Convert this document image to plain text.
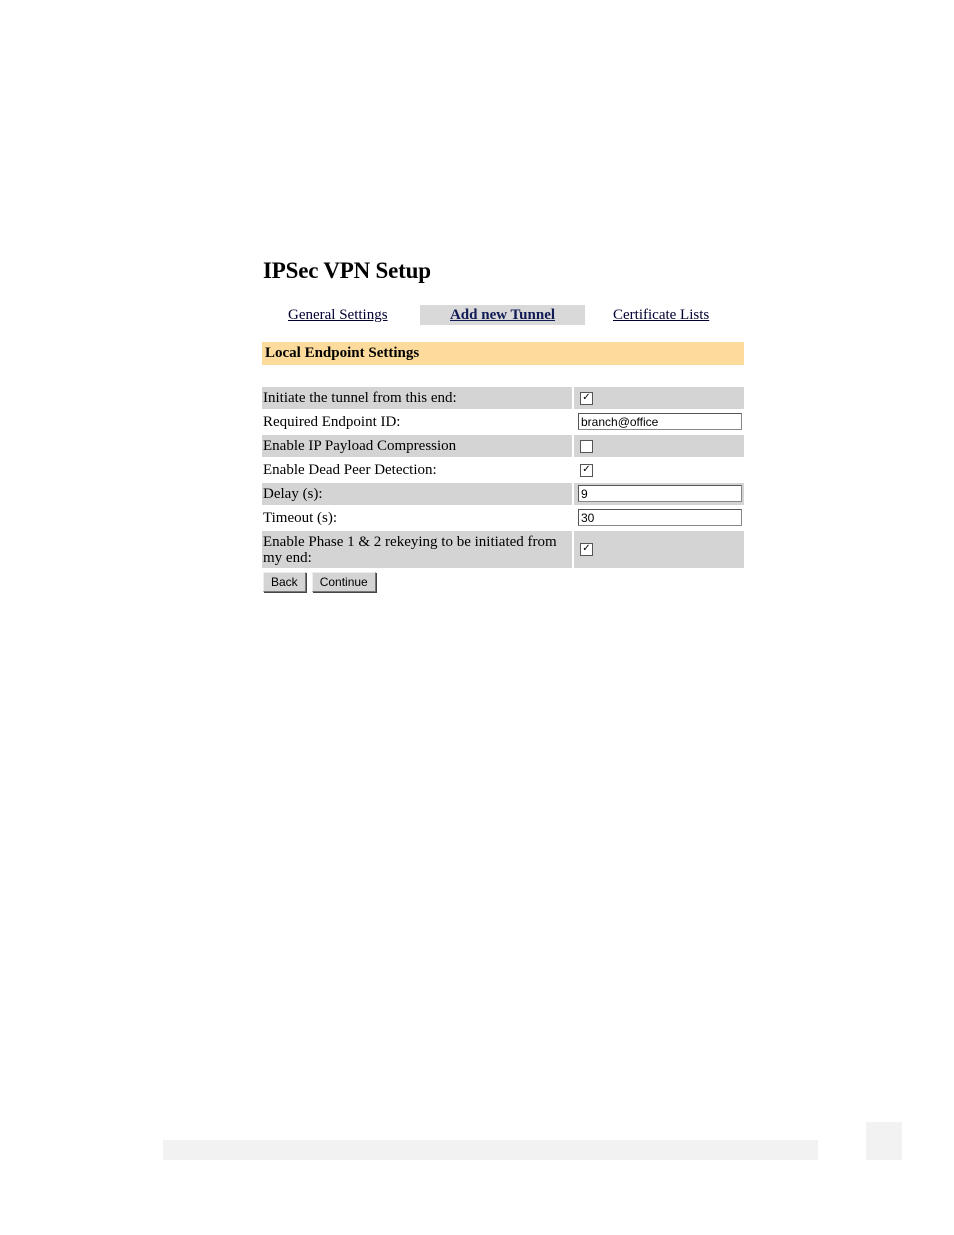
IPSec VPN Setup
General Settings	Add new Tunnel	Certificate Lists
Local Endpoint Settings
Initiate the tunnel from this end:	✓
Required Endpoint ID:	branch@office
Enable IP Payload Compression	
Enable Dead Peer Detection:	✓
Delay (s):	9
Timeout (s):	30
Enable Phase 1 & 2 rekeying to be initiated from my end:	✓
Back Continue
